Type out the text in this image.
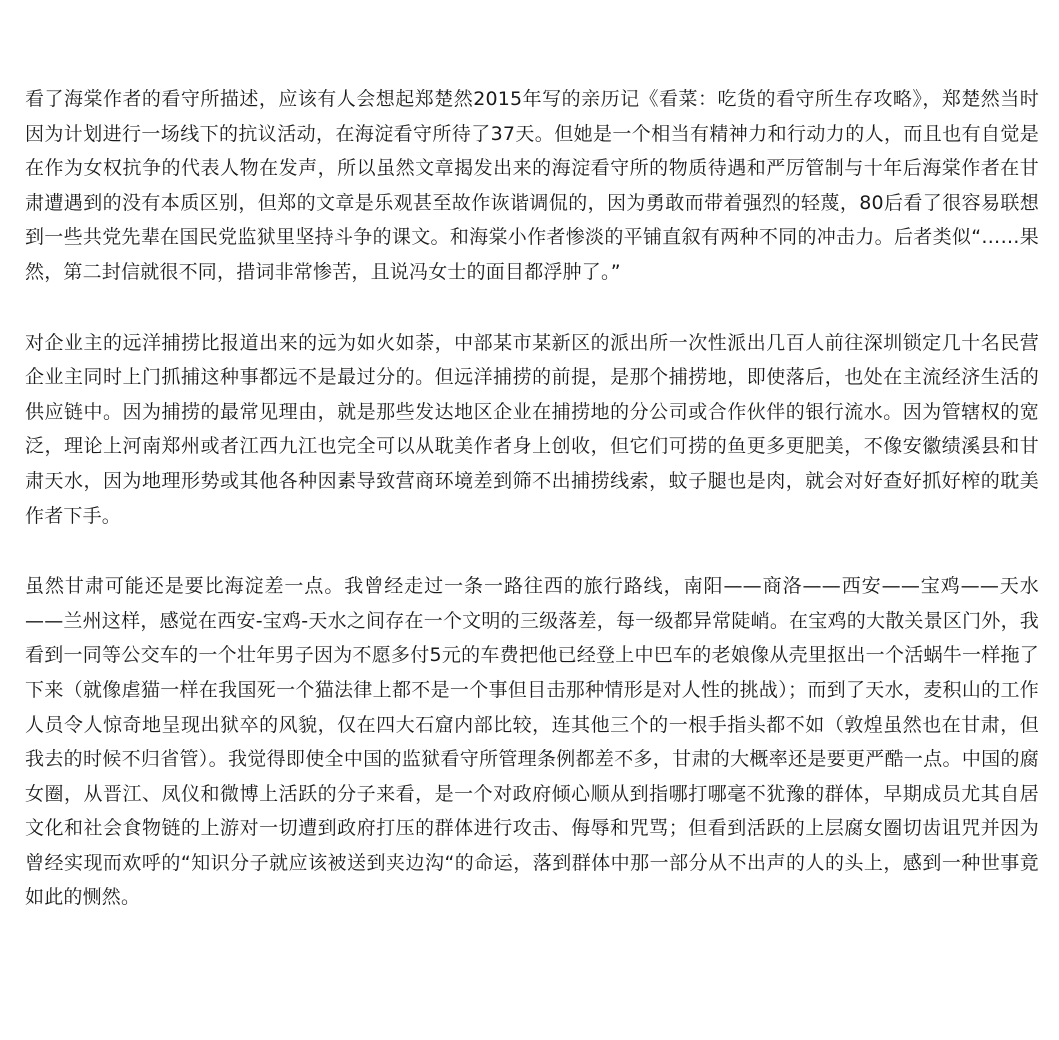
看了海棠作者的看守所描述，应该有人会想起郑楚然2015年写的亲历记《看菜：吃货的看守所生存攻略》，郑楚然当时因为计划进行一场线下的抗议活动，在海淀看守所待了37天。但她是一个相当有精神力和行动力的人，而且也有自觉是在作为女权抗争的代表人物在发声，所以虽然文章揭发出来的海淀看守所的物质待遇和严厉管制与十年后海棠作者在甘肃遭遇到的没有本质区别，但郑的文章是乐观甚至故作诙谐调侃的，因为勇敢而带着强烈的轻蔑，80后看了很容易联想到一些共党先辈在国民党监狱里坚持斗争的课文。和海棠小作者惨淡的平铺直叙有两种不同的冲击力。后者类似“……果然，第二封信就很不同，措词非常惨苦，且说冯女士的面目都浮肿了。”

对企业主的远洋捕捞比报道出来的远为如火如荼，中部某市某新区的派出所一次性派出几百人前往深圳锁定几十名民营企业主同时上门抓捕这种事都远不是最过分的。但远洋捕捞的前提，是那个捕捞地，即使落后，也处在主流经济生活的供应链中。因为捕捞的最常见理由，就是那些发达地区企业在捕捞地的分公司或合作伙伴的银行流水。因为管辖权的宽泛，理论上河南郑州或者江西九江也完全可以从耽美作者身上创收，但它们可捞的鱼更多更肥美，不像安徽绩溪县和甘肃天水，因为地理形势或其他各种因素导致营商环境差到筛不出捕捞线索，蚊子腿也是肉，就会对好查好抓好榨的耽美作者下手。

虽然甘肃可能还是要比海淀差一点。我曾经走过一条一路往西的旅行路线，南阳——商洛——西安——宝鸡——天水——兰州这样，感觉在西安-宝鸡-天水之间存在一个文明的三级落差，每一级都异常陡峭。在宝鸡的大散关景区门外，我看到一同等公交车的一个壮年男子因为不愿多付5元的车费把他已经登上中巴车的老娘像从壳里抠出一个活蜗牛一样拖了下来（就像虐猫一样在我国死一个猫法律上都不是一个事但目击那种情形是对人性的挑战）；而到了天水，麦积山的工作人员令人惊奇地呈现出狱卒的风貌，仅在四大石窟内部比较，连其他三个的一根手指头都不如（敦煌虽然也在甘肃，但我去的时候不归省管）。我觉得即使全中国的监狱看守所管理条例都差不多，甘肃的大概率还是要更严酷一点。中国的腐女圈，从晋江、凤仪和微博上活跃的分子来看，是一个对政府倾心顺从到指哪打哪毫不犹豫的群体，早期成员尤其自居文化和社会食物链的上游对一切遭到政府打压的群体进行攻击、侮辱和咒骂；但看到活跃的上层腐女圈切齿诅咒并因为曾经实现而欢呼的“知识分子就应该被送到夹边沟“的命运，落到群体中那一部分从不出声的人的头上，感到一种世事竟如此的恻然。
